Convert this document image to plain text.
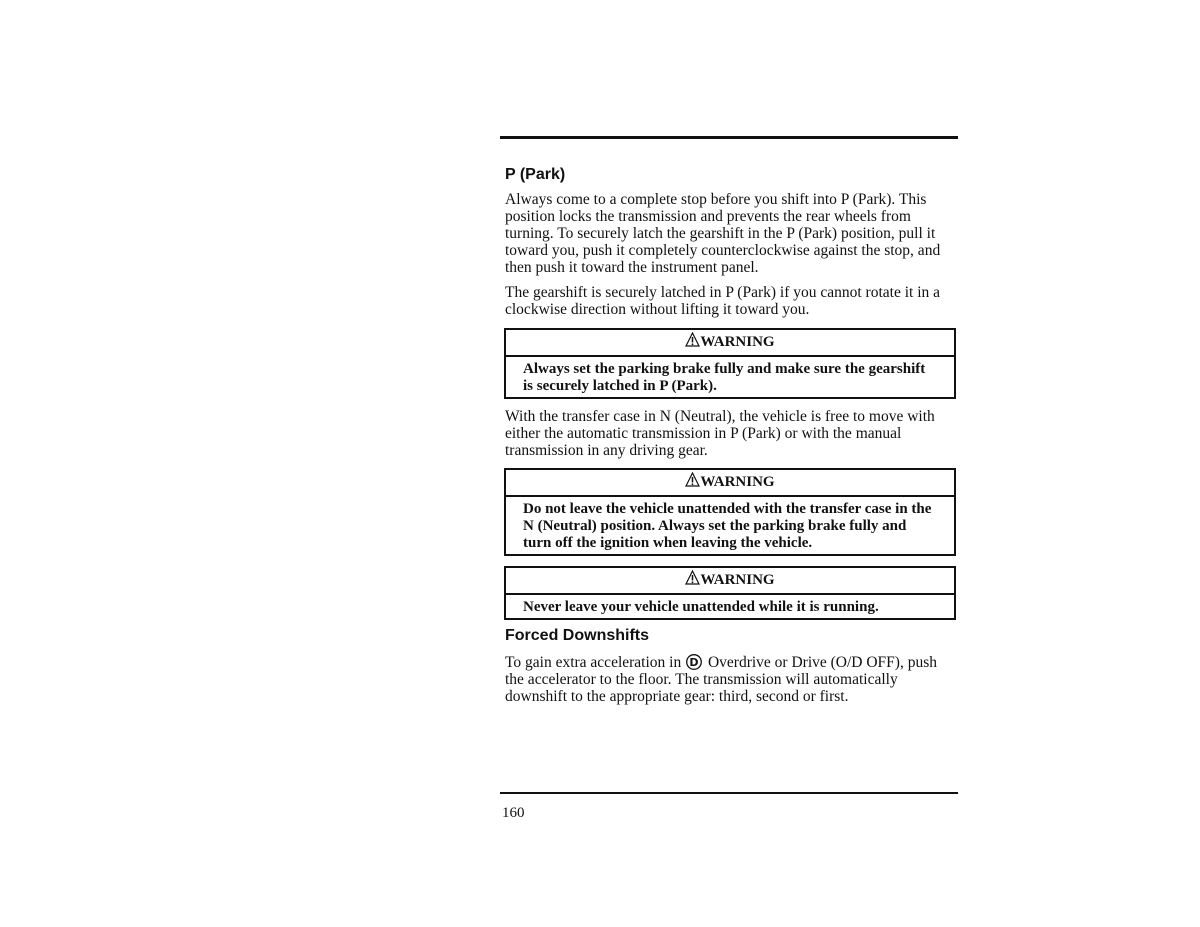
P (Park)

Always come to a complete stop before you shift into P (Park). This position locks the transmission and prevents the rear wheels from turning. To securely latch the gearshift in the P (Park) position, pull it toward you, push it completely counterclockwise against the stop, and then push it toward the instrument panel.

The gearshift is securely latched in P (Park) if you cannot rotate it in a clockwise direction without lifting it toward you.

WARNING
Always set the parking brake fully and make sure the gearshift is securely latched in P (Park).

With the transfer case in N (Neutral), the vehicle is free to move with either the automatic transmission in P (Park) or with the manual transmission in any driving gear.

WARNING
Do not leave the vehicle unattended with the transfer case in the N (Neutral) position. Always set the parking brake fully and turn off the ignition when leaving the vehicle.
WARNING
Never leave your vehicle unattended while it is running.
Forced Downshifts

To gain extra acceleration in D Overdrive or Drive (O/D OFF), push the accelerator to the floor. The transmission will automatically downshift to the appropriate gear: third, second or first.

160
